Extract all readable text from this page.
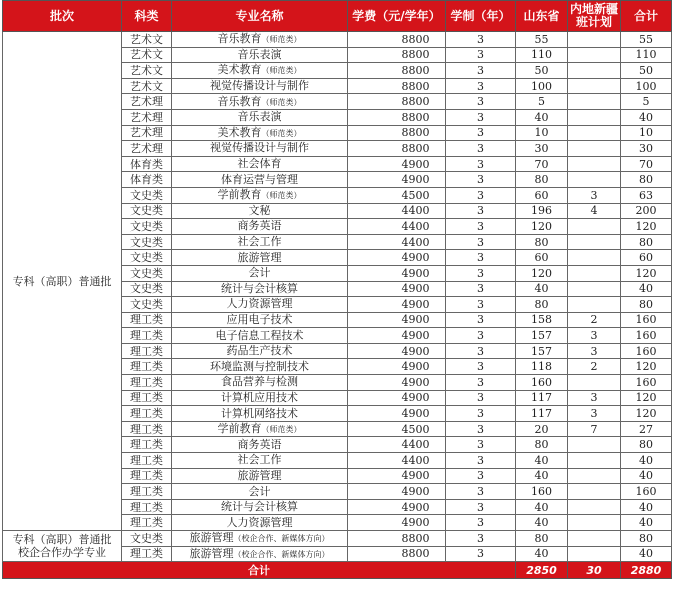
批次	科类	专业名称	学费（元/学年）	学制（年）	山东省	内地新疆班计划	合计
专科（高职）普通批	艺术文	音乐教育（师范类）	8800	3	55		55
	艺术文	音乐表演	8800	3	110		110
	艺术文	美术教育（师范类）	8800	3	50		50
	艺术文	视觉传播设计与制作	8800	3	100		100
	艺术理	音乐教育（师范类）	8800	3	5		5
	艺术理	音乐表演	8800	3	40		40
	艺术理	美术教育（师范类）	8800	3	10		10
	艺术理	视觉传播设计与制作	8800	3	30		30
	体育类	社会体育	4900	3	70		70
	体育类	体育运营与管理	4900	3	80		80
	文史类	学前教育（师范类）	4500	3	60	3	63
	文史类	文秘	4400	3	196	4	200
	文史类	商务英语	4400	3	120		120
	文史类	社会工作	4400	3	80		80
	文史类	旅游管理	4900	3	60		60
	文史类	会计	4900	3	120		120
	文史类	统计与会计核算	4900	3	40		40
	文史类	人力资源管理	4900	3	80		80
	理工类	应用电子技术	4900	3	158	2	160
	理工类	电子信息工程技术	4900	3	157	3	160
	理工类	药品生产技术	4900	3	157	3	160
	理工类	环境监测与控制技术	4900	3	118	2	120
	理工类	食品营养与检测	4900	3	160		160
	理工类	计算机应用技术	4900	3	117	3	120
	理工类	计算机网络技术	4900	3	117	3	120
	理工类	学前教育（师范类）	4500	3	20	7	27
	理工类	商务英语	4400	3	80		80
	理工类	社会工作	4400	3	40		40
	理工类	旅游管理	4900	3	40		40
	理工类	会计	4900	3	160		160
	理工类	统计与会计核算	4900	3	40		40
	理工类	人力资源管理	4900	3	40		40

专科（高职）普通批
校企合作办学专业	文史类	旅游管理（校企合作、新媒体方向）	8800	3	80		80
	理工类	旅游管理（校企合作、新媒体方向）	8800	3	40		40
合计					2850	30	2880
